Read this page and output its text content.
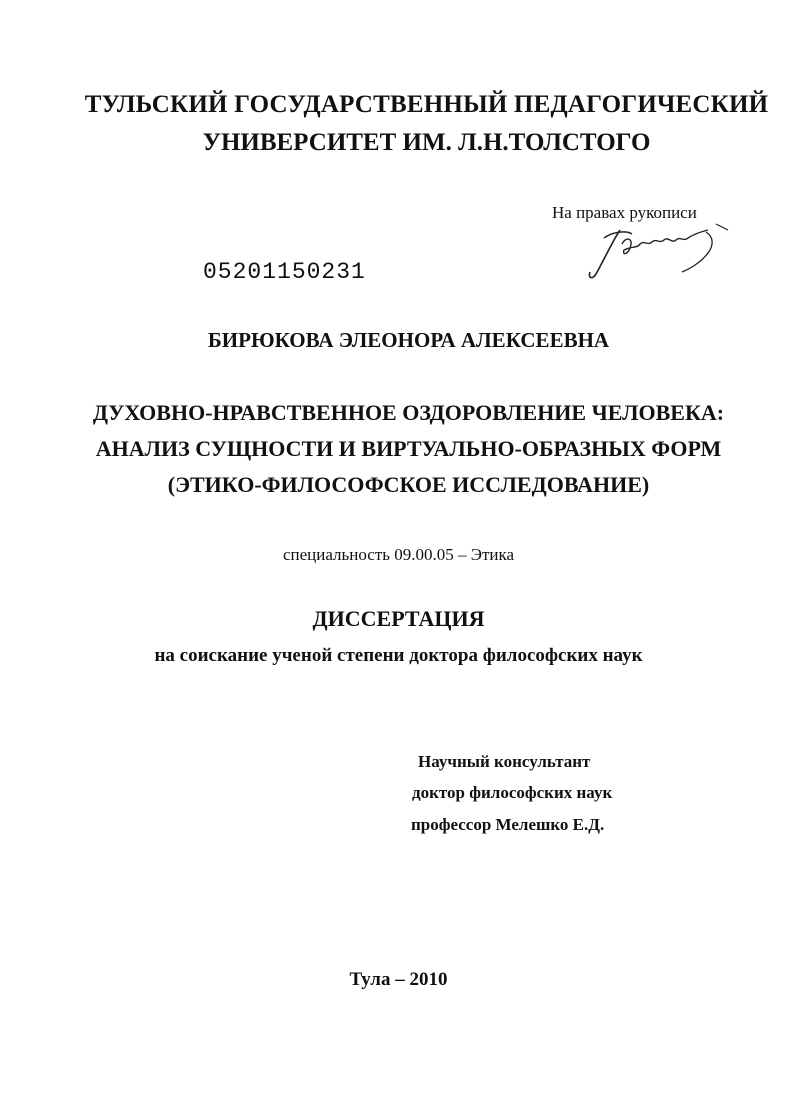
ТУЛЬСКИЙ ГОСУДАРСТВЕННЫЙ ПЕДАГОГИЧЕСКИЙ
УНИВЕРСИТЕТ ИМ. Л.Н.ТОЛСТОГО
На правах рукописи
05201150231
БИРЮКОВА ЭЛЕОНОРА АЛЕКСЕЕВНА
ДУХОВНО-НРАВСТВЕННОЕ ОЗДОРОВЛЕНИЕ ЧЕЛОВЕКА:
АНАЛИЗ СУЩНОСТИ И ВИРТУАЛЬНО-ОБРАЗНЫХ ФОРМ
(ЭТИКО-ФИЛОСОФСКОЕ ИССЛЕДОВАНИЕ)
специальность 09.00.05 – Этика
ДИССЕРТАЦИЯ
на соискание ученой степени доктора философских наук
Научный консультант
доктор философских наук
профессор Мелешко Е.Д.
Тула – 2010
